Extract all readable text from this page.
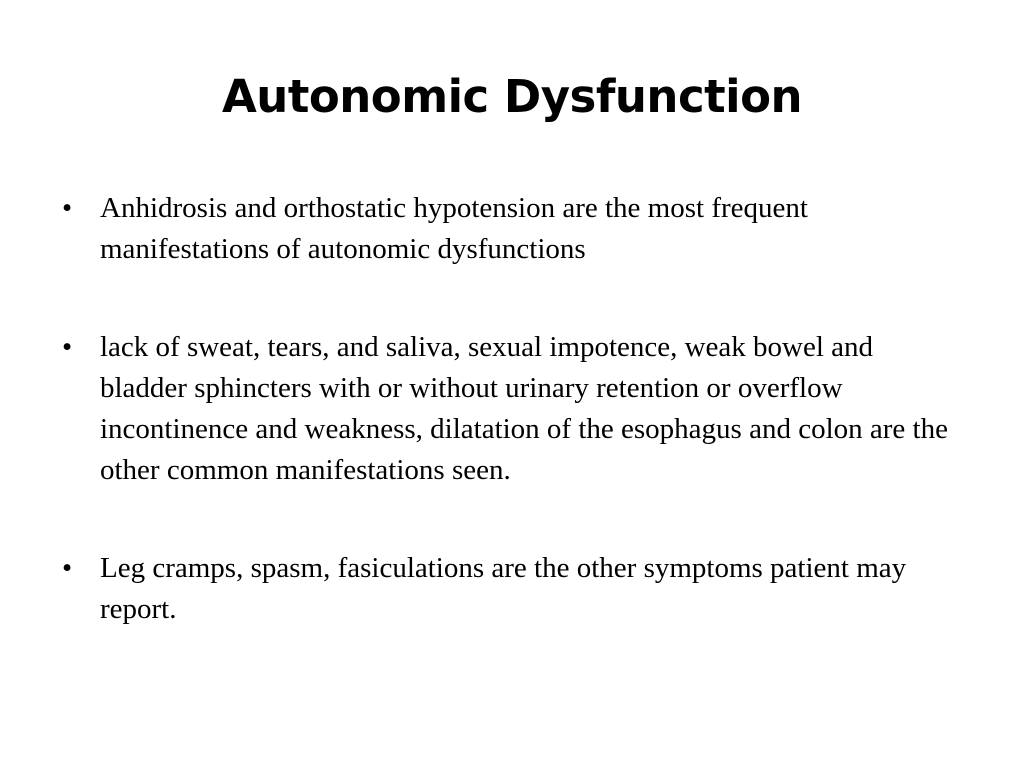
Autonomic Dysfunction
• Anhidrosis and orthostatic hypotension are the most frequent manifestations of autonomic dysfunctions
• lack of sweat, tears, and saliva, sexual impotence, weak bowel and bladder sphincters with or without urinary retention or overflow incontinence and weakness, dilatation of the esophagus and colon are the other common manifestations seen.
• Leg cramps, spasm, fasiculations are the other symptoms patient may report.
